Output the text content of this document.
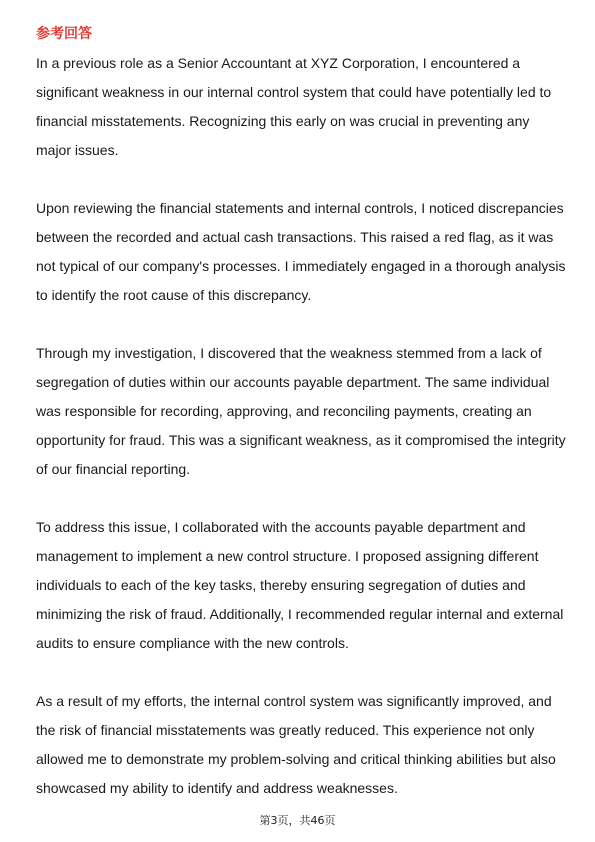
参考回答

In a previous role as a Senior Accountant at XYZ Corporation, I encountered a significant weakness in our internal control system that could have potentially led to financial misstatements. Recognizing this early on was crucial in preventing any major issues.

Upon reviewing the financial statements and internal controls, I noticed discrepancies between the recorded and actual cash transactions. This raised a red flag, as it was not typical of our company's processes. I immediately engaged in a thorough analysis to identify the root cause of this discrepancy.

Through my investigation, I discovered that the weakness stemmed from a lack of segregation of duties within our accounts payable department. The same individual was responsible for recording, approving, and reconciling payments, creating an opportunity for fraud. This was a significant weakness, as it compromised the integrity of our financial reporting.

To address this issue, I collaborated with the accounts payable department and management to implement a new control structure. I proposed assigning different individuals to each of the key tasks, thereby ensuring segregation of duties and minimizing the risk of fraud. Additionally, I recommended regular internal and external audits to ensure compliance with the new controls.

As a result of my efforts, the internal control system was significantly improved, and the risk of financial misstatements was greatly reduced. This experience not only allowed me to demonstrate my problem-solving and critical thinking abilities but also showcased my ability to identify and address weaknesses.

第3页，共46页
